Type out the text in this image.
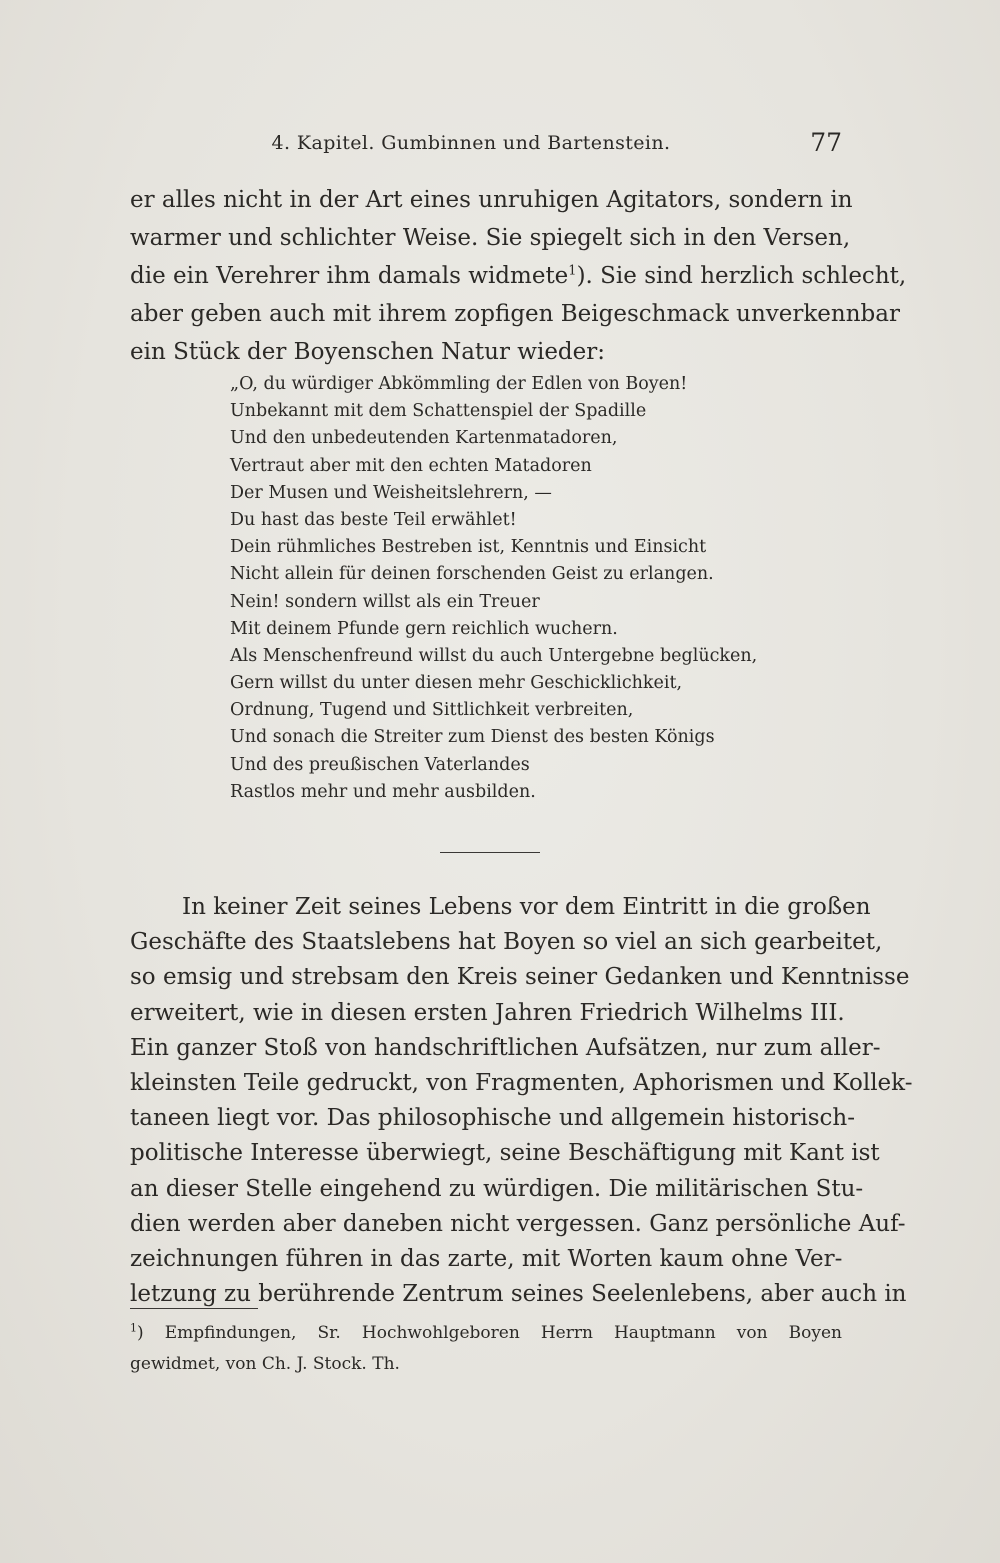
4. Kapitel. Gumbinnen und Bartenstein.	77
er alles nicht in der Art eines unruhigen Agitators, sondern in
warmer und schlichter Weise. Sie spiegelt sich in den Versen,
die ein Verehrer ihm damals widmete$^1$). Sie sind herzlich schlecht,
aber geben auch mit ihrem zopfigen Beigeschmack unverkennbar
ein Stück der Boyenschen Natur wieder:
„O, du würdiger Abkömmling der Edlen von Boyen!
Unbekannt mit dem Schattenspiel der Spadille
Und den unbedeutenden Kartenmatadoren,
Vertraut aber mit den echten Matadoren
Der Musen und Weisheitslehrern, —
Du hast das beste Teil erwählet!
Dein rühmliches Bestreben ist, Kenntnis und Einsicht
Nicht allein für deinen forschenden Geist zu erlangen.
Nein! sondern willst als ein Treuer
Mit deinem Pfunde gern reichlich wuchern.
Als Menschenfreund willst du auch Untergebne beglücken,
Gern willst du unter diesen mehr Geschicklichkeit,
Ordnung, Tugend und Sittlichkeit verbreiten,
Und sonach die Streiter zum Dienst des besten Königs
Und des preußischen Vaterlandes
Rastlos mehr und mehr ausbilden.
In keiner Zeit seines Lebens vor dem Eintritt in die großen
Geschäfte des Staatslebens hat Boyen so viel an sich gearbeitet,
so emsig und strebsam den Kreis seiner Gedanken und Kenntnisse
erweitert, wie in diesen ersten Jahren Friedrich Wilhelms III.
Ein ganzer Stoß von handschriftlichen Aufsätzen, nur zum aller-
kleinsten Teile gedruckt, von Fragmenten, Aphorismen und Kollek-
taneen liegt vor. Das philosophische und allgemein historisch-
politische Interesse überwiegt, seine Beschäftigung mit Kant ist
an dieser Stelle eingehend zu würdigen. Die militärischen Stu-
dien werden aber daneben nicht vergessen. Ganz persönliche Auf-
zeichnungen führen in das zarte, mit Worten kaum ohne Ver-
letzung zu berührende Zentrum seines Seelenlebens, aber auch in
$^1$) Empfindungen, Sr. Hochwohlgeboren Herrn Hauptmann von Boyen
gewidmet, von Ch. J. Stock. Th.
